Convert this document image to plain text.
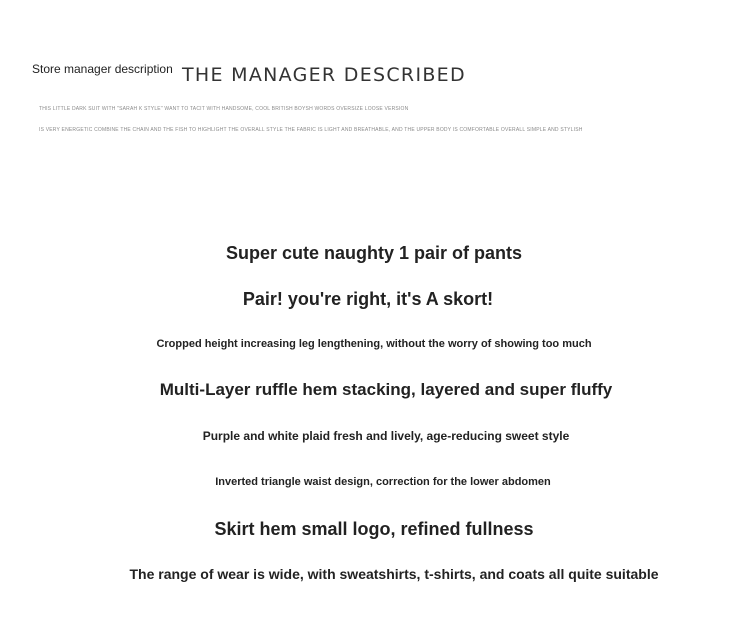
Store manager description THE MANAGER DESCRIBED
THIS LITTLE DARK SUIT WITH "SARAH K STYLE" WANT TO TACIT WITH HANDSOME, COOL BRITISH BOYSH WORDS OVERSIZE LOOSE VERSION
IS VERY ENERGETIC COMBINE THE CHAIN AND THE FISH TO HIGHLIGHT THE OVERALL STYLE THE FABRIC IS LIGHT AND BREATHABLE, AND THE UPPER BODY IS COMFORTABLE OVERALL SIMPLE AND STYLISH
Super cute naughty 1 pair of pants
Pair! you're right, it's A skort!
Cropped height increasing leg lengthening, without the worry of showing too much
Multi-Layer ruffle hem stacking, layered and super fluffy
Purple and white plaid fresh and lively, age-reducing sweet style
Inverted triangle waist design, correction for the lower abdomen
Skirt hem small logo, refined fullness
The range of wear is wide, with sweatshirts, t-shirts, and coats all quite suitable
